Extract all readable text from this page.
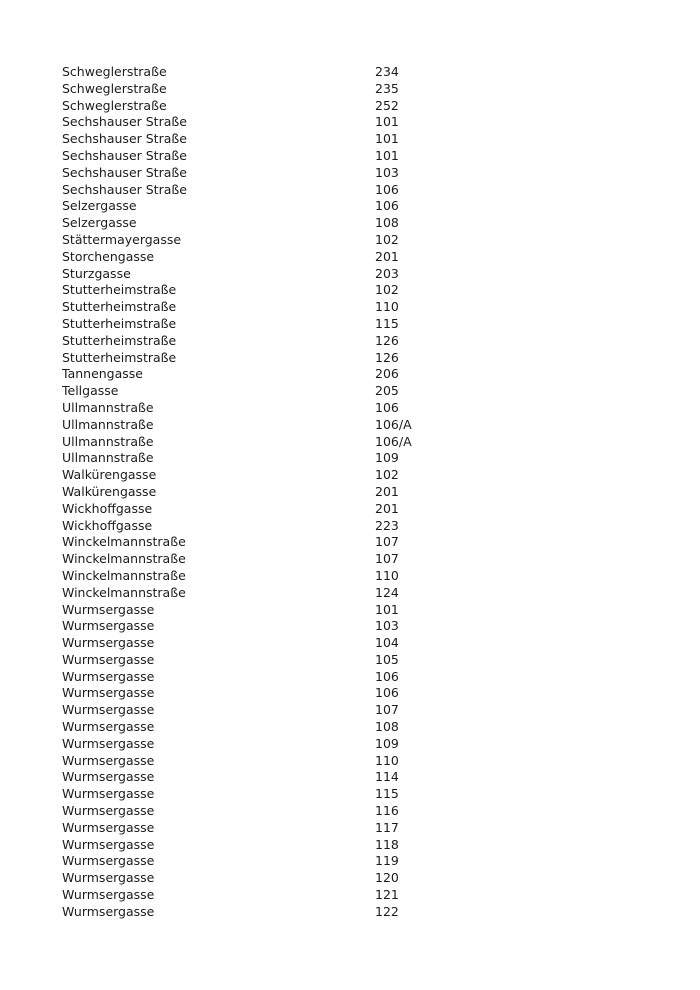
Schweglerstraße	234
Schweglerstraße	235
Schweglerstraße	252
Sechshauser Straße	101
Sechshauser Straße	101
Sechshauser Straße	101
Sechshauser Straße	103
Sechshauser Straße	106
Selzergasse	106
Selzergasse	108
Stättermayergasse	102
Storchengasse	201
Sturzgasse	203
Stutterheimstraße	102
Stutterheimstraße	110
Stutterheimstraße	115
Stutterheimstraße	126
Stutterheimstraße	126
Tannengasse	206
Tellgasse	205
Ullmannstraße	106
Ullmannstraße	106/A
Ullmannstraße	106/A
Ullmannstraße	109
Walkürengasse	102
Walkürengasse	201
Wickhoffgasse	201
Wickhoffgasse	223
Winckelmannstraße	107
Winckelmannstraße	107
Winckelmannstraße	110
Winckelmannstraße	124
Wurmsergasse	101
Wurmsergasse	103
Wurmsergasse	104
Wurmsergasse	105
Wurmsergasse	106
Wurmsergasse	106
Wurmsergasse	107
Wurmsergasse	108
Wurmsergasse	109
Wurmsergasse	110
Wurmsergasse	114
Wurmsergasse	115
Wurmsergasse	116
Wurmsergasse	117
Wurmsergasse	118
Wurmsergasse	119
Wurmsergasse	120
Wurmsergasse	121
Wurmsergasse	122
